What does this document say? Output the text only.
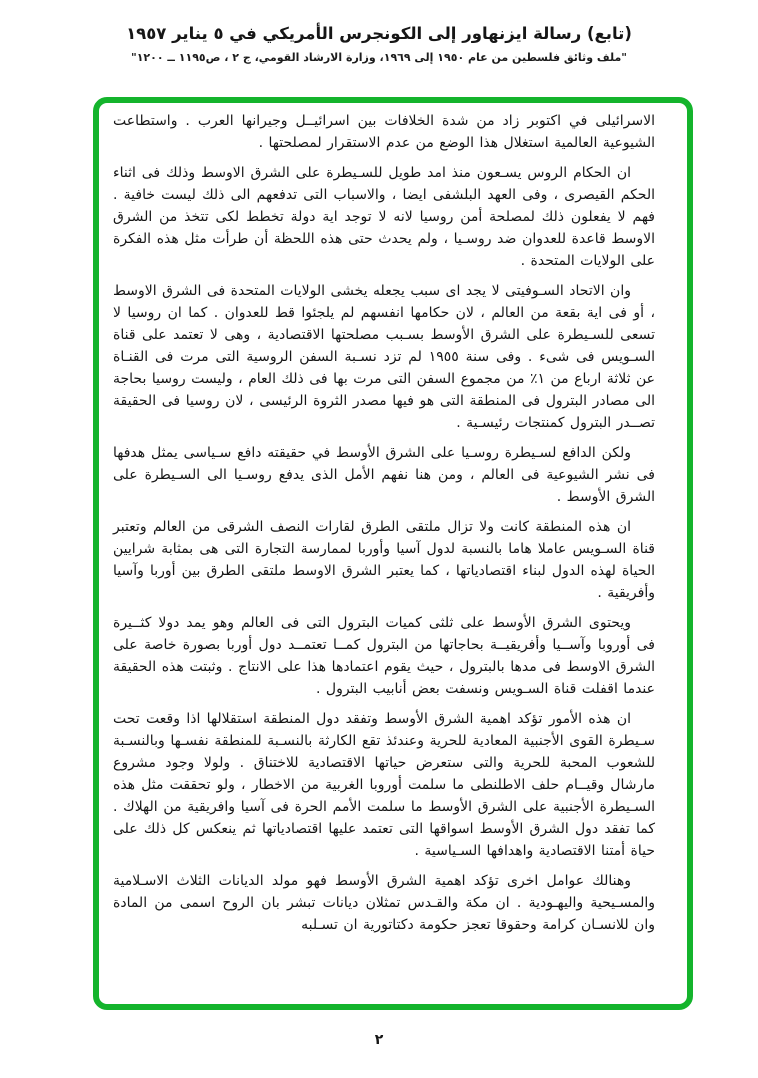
(تابع) رسالة ايزنهاور إلى الكونجرس الأمريكي في ٥ يناير ١٩٥٧
"ملف وثائق فلسطين من عام ١٩٥٠ إلى ١٩٦٩، وزارة الارشاد القومي، ج ٢ ، ص١١٩٥ ــ ١٢٠٠"

الاسرائيلى في اكتوبر زاد من شدة الخلافات بين اسرائيــل وجيرانها العرب . واستطاعت الشيوعية العالمية استغلال هذا الوضع من عدم الاستقرار لمصلحتها .

ان الحكام الروس يسـعون منذ امد طويل للسـيطرة على الشرق الاوسط وذلك فى اثناء الحكم القيصرى ، وفى العهد البلشفى ايضا ، والاسباب التى تدفعهم الى ذلك ليست خافية . فهم لا يفعلون ذلك لمصلحة أمن روسيا لانه لا توجد اية دولة تخطط لكى تتخذ من الشرق الاوسط قاعدة للعدوان ضد روسـيا ، ولم يحدث حتى هذه اللحظة أن طرأت مثل هذه الفكرة على الولايات المتحدة .

وان الاتحاد السـوفيتى لا يجد اى سبب يجعله يخشى الولايات المتحدة فى الشرق الاوسط ، أو فى اية بقعة من العالم ، لان حكامها انفسهم لم يلجئوا قط للعدوان . كما ان روسيا لا تسعى للسـيطرة على الشرق الأوسط بسـبب مصلحتها الاقتصادية ، وهى لا تعتمد على قناة السـويس فى شىء . وفى سنة ١٩٥٥ لم تزد نسـبة السفن الروسية التى مرت فى القنـاة عن ثلاثة ارباع من ١٪ من مجموع السفن التى مرت بها فى ذلك العام ، وليست روسيا بحاجة الى مصادر البترول فى المنطقة التى هو فيها مصدر الثروة الرئيسى ، لان روسيا فى الحقيقة تصــدر البترول كمنتجات رئيسـية .

ولكن الدافع لسـيطرة روسـيا على الشرق الأوسط في حقيقته دافع سـياسى يمثل هدفها فى نشر الشيوعية فى العالم ، ومن هنا نفهم الأمل الذى يدفع روسـيا الى السـيطرة على الشرق الأوسط .

ان هذه المنطقة كانت ولا تزال ملتقى الطرق لقارات النصف الشرقى من العالم وتعتبر قناة السـويس عاملا هاما بالنسبة لدول آسيا وأوربا لممارسة التجارة التى هى بمثابة شرايين الحياة لهذه الدول لبناء اقتصادياتها ، كما يعتبر الشرق الاوسط ملتقى الطرق بين أوربا وآسيا وأفريقية .

ويحتوى الشرق الأوسط على ثلثى كميات البترول التى فى العالم وهو يمد دولا كثــيرة فى أوروبا وآســيا وأفريقيــة بحاجاتها من البترول كمــا تعتمــد دول أوربا بصورة خاصة على الشرق الاوسط فى مدها بالبترول ، حيث يقوم اعتمادها هذا على الانتاج . وثبتت هذه الحقيقة عندما اقفلت قناة السـويس ونسفت بعض أنابيب البترول .

ان هذه الأمور تؤكد اهمية الشرق الأوسط وتفقد دول المنطقة استقلالها اذا وقعت تحت سـيطرة القوى الأجنبية المعادية للحرية وعندئذ تقع الكارثة بالنسـبة للمنطقة نفسـها وبالنسـبة للشعوب المحبة للحرية والتى ستعرض حياتها الاقتصادية للاختناق . ولولا وجود مشروع مارشال وقيــام حلف الاطلنطى ما سلمت أوروبا الغربية من الاخطار ، ولو تحققت مثل هذه السـيطرة الأجنبية على الشرق الأوسط ما سلمت الأمم الحرة فى آسيا وافريقية من الهلاك . كما تفقد دول الشرق الأوسط اسواقها التى تعتمد عليها اقتصادياتها ثم ينعكس كل ذلك على حياة أمتنا الاقتصادية واهدافها السـياسية .

وهنالك عوامل اخرى تؤكد اهمية الشرق الأوسط فهو مولد الديانات الثلاث الاسـلامية والمسـيحية واليهـودية . ان مكة والقـدس تمثلان ديانات تبشر بان الروح اسمى من المادة وان للانسـان كرامة وحقوقا تعجز حكومة دكتاتورية ان تسـلبه

٢
